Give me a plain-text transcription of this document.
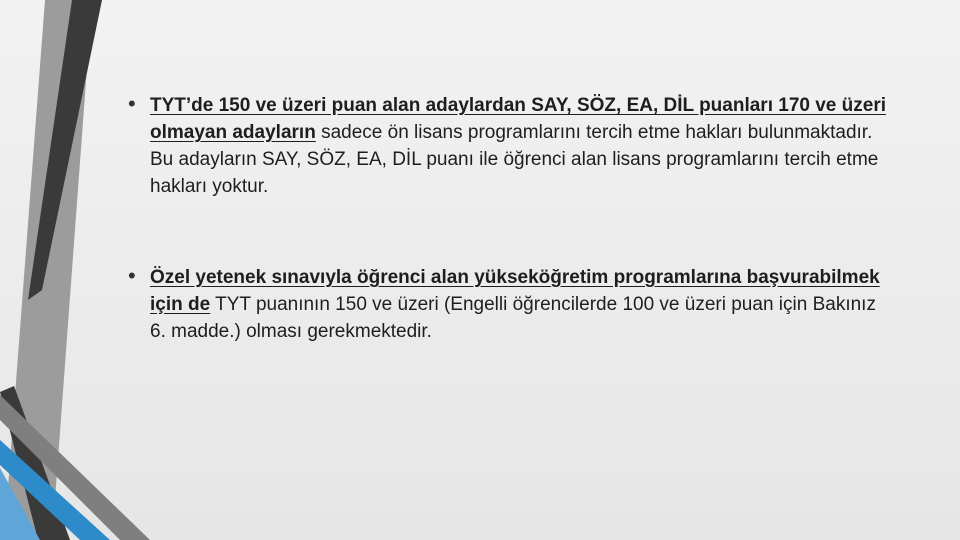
• TYT’de 150 ve üzeri puan alan adaylardan SAY, SÖZ, EA, DİL puanları 170 ve üzeri olmayan adayların sadece ön lisans programlarını tercih etme hakları bulunmaktadır. Bu adayların SAY, SÖZ, EA, DİL puanı ile öğrenci alan lisans programlarını tercih etme hakları yoktur.
• Özel yetenek sınavıyla öğrenci alan yükseköğretim programlarına başvurabilmek için de TYT puanının 150 ve üzeri (Engelli öğrencilerde 100 ve üzeri puan için Bakınız 6. madde.) olması gerekmektedir.
